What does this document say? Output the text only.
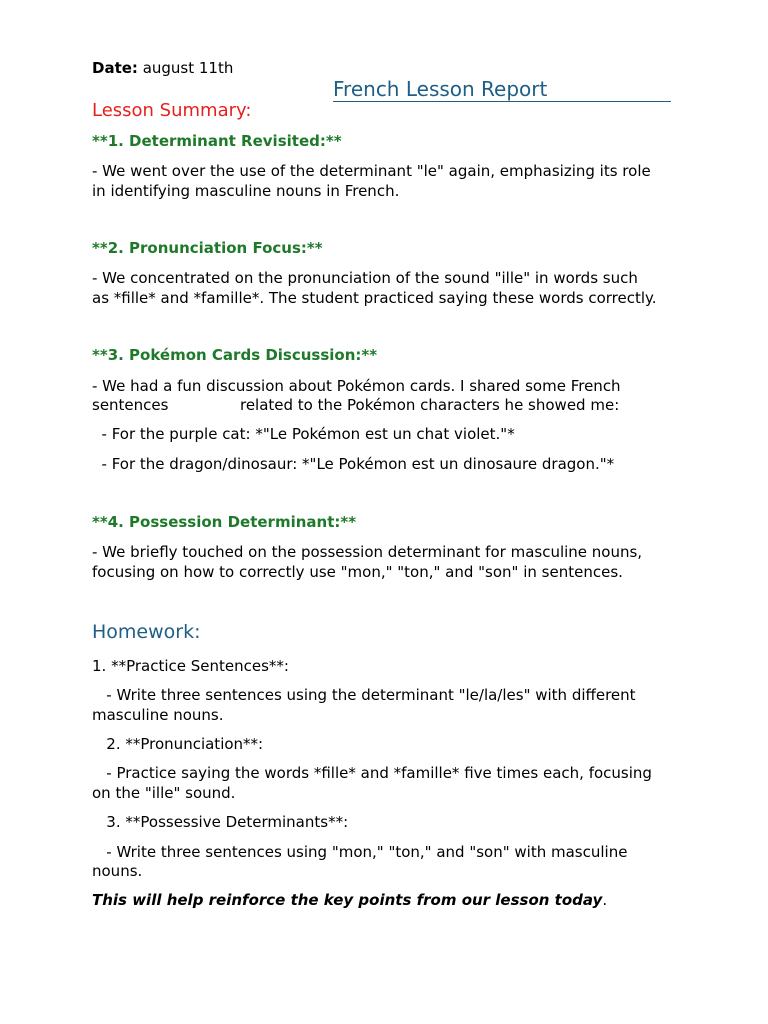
Date: august 11th
French Lesson Report
Lesson Summary:
**1. Determinant Revisited:**
- We went over the use of the determinant "le" again, emphasizing its role
in identifying masculine nouns in French.
**2. Pronunciation Focus:**
- We concentrated on the pronunciation of the sound "ille" in words such
as *fille* and *famille*. The student practiced saying these words correctly.
**3. Pokémon Cards Discussion:**
- We had a fun discussion about Pokémon cards. I shared some French
sentences               related to the Pokémon characters he showed me:
- For the purple cat: *"Le Pokémon est un chat violet."*
- For the dragon/dinosaur: *"Le Pokémon est un dinosaure dragon."*
**4. Possession Determinant:**
- We briefly touched on the possession determinant for masculine nouns,
focusing on how to correctly use "mon," "ton," and "son" in sentences.
Homework:
1. **Practice Sentences**:
- Write three sentences using the determinant "le/la/les" with different
masculine nouns.
2. **Pronunciation**:
- Practice saying the words *fille* and *famille* five times each, focusing
on the "ille" sound.
3. **Possessive Determinants**:
- Write three sentences using "mon," "ton," and "son" with masculine
nouns.
This will help reinforce the key points from our lesson today.
